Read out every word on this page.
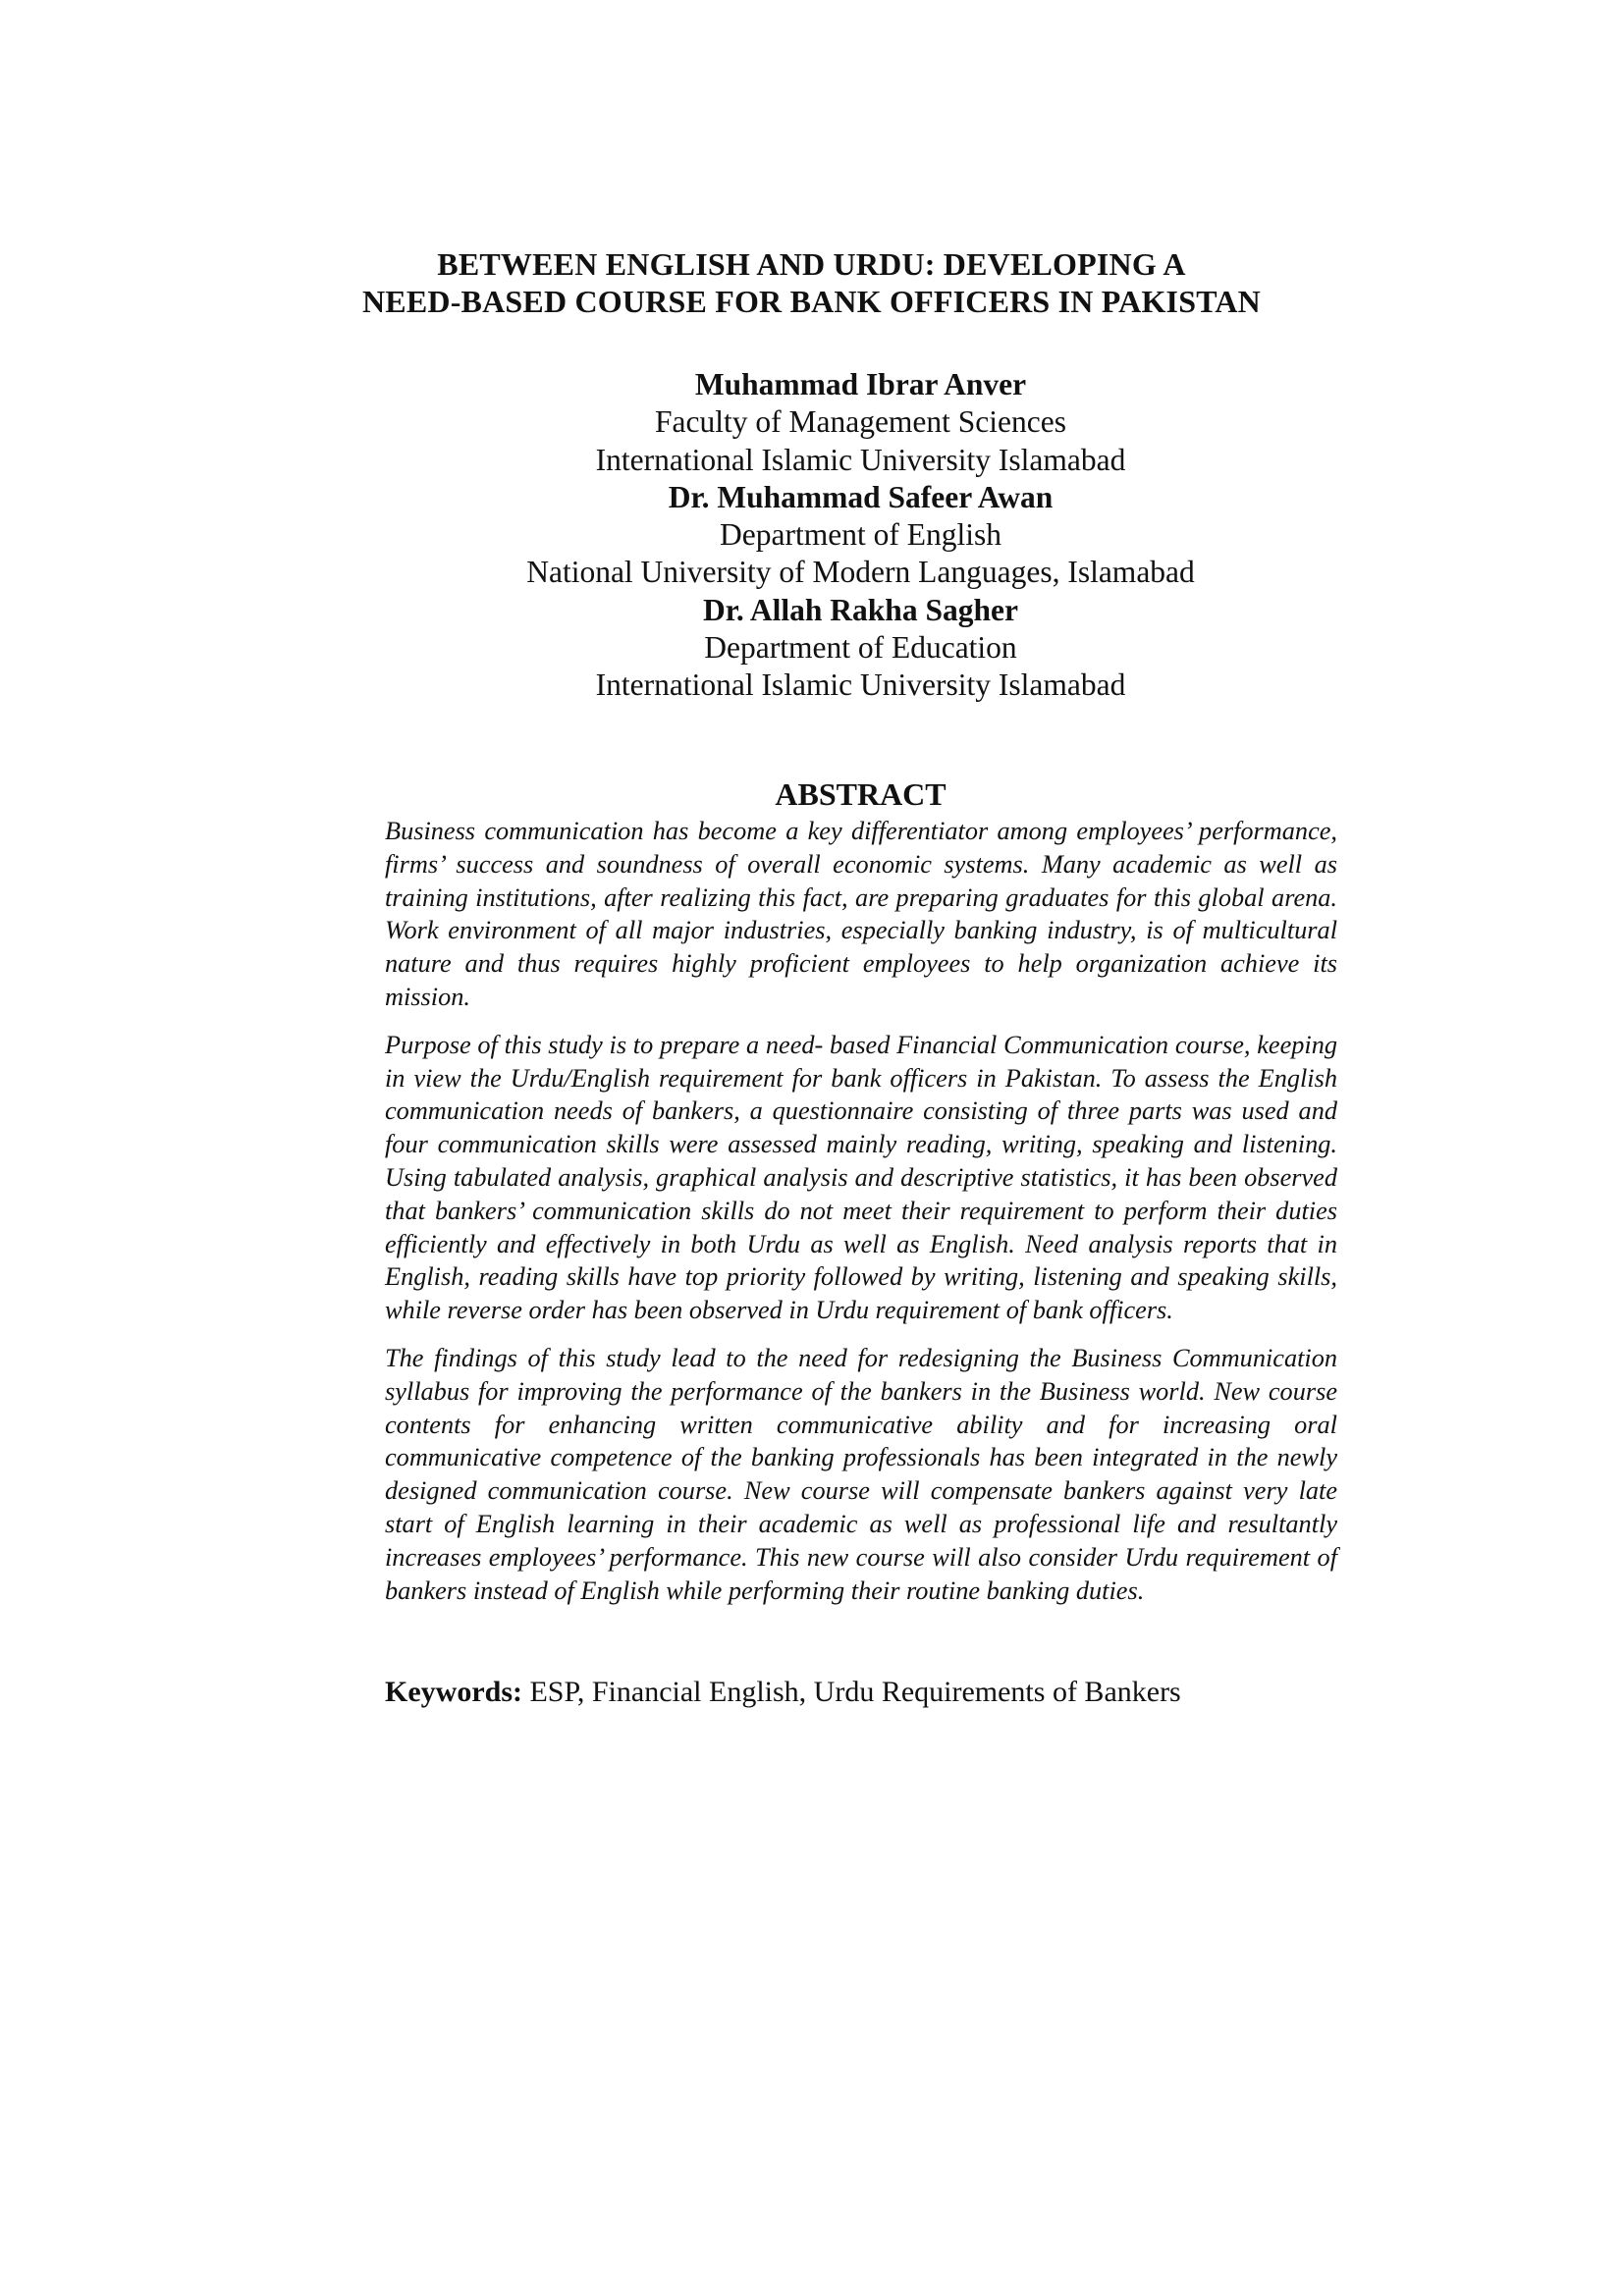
BETWEEN ENGLISH AND URDU: DEVELOPING A
NEED-BASED COURSE FOR BANK OFFICERS IN PAKISTAN
Muhammad Ibrar Anver
Faculty of Management Sciences
International Islamic University Islamabad
Dr. Muhammad Safeer Awan
Department of English
National University of Modern Languages, Islamabad
Dr. Allah Rakha Sagher
Department of Education
International Islamic University Islamabad
ABSTRACT

Business communication has become a key differentiator among employees’ performance, firms’ success and soundness of overall economic systems. Many academic as well as training institutions, after realizing this fact, are preparing graduates for this global arena. Work environment of all major industries, especially banking industry, is of multicultural nature and thus requires highly proficient employees to help organization achieve its mission.

Purpose of this study is to prepare a need- based Financial Communication course, keeping in view the Urdu/English requirement for bank officers in Pakistan. To assess the English communication needs of bankers, a questionnaire consisting of three parts was used and four communication skills were assessed mainly reading, writing, speaking and listening. Using tabulated analysis, graphical analysis and descriptive statistics, it has been observed that bankers’ communication skills do not meet their requirement to perform their duties efficiently and effectively in both Urdu as well as English. Need analysis reports that in English, reading skills have top priority followed by writing, listening and speaking skills, while reverse order has been observed in Urdu requirement of bank officers.

The findings of this study lead to the need for redesigning the Business Communication syllabus for improving the performance of the bankers in the Business world. New course contents for enhancing written communicative ability and for increasing oral communicative competence of the banking professionals has been integrated in the newly designed communication course. New course will compensate bankers against very late start of English learning in their academic as well as professional life and resultantly increases employees’ performance. This new course will also consider Urdu requirement of bankers instead of English while performing their routine banking duties.

Keywords: ESP, Financial English, Urdu Requirements of Bankers
